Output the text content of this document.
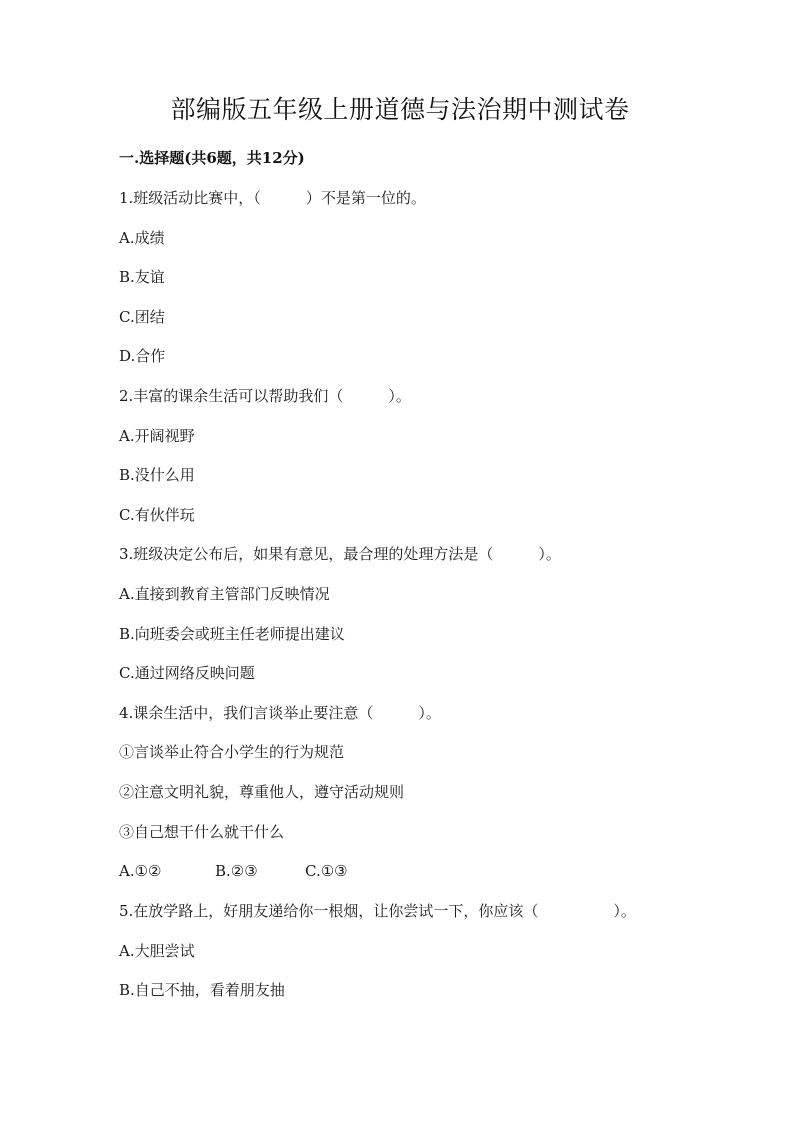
部编版五年级上册道德与法治期中测试卷
一.选择题(共6题，共12分)
1.班级活动比赛中，（　　　）不是第一位的。
A.成绩
B.友谊
C.团结
D.合作
2.丰富的课余生活可以帮助我们（　　　）。
A.开阔视野
B.没什么用
C.有伙伴玩
3.班级决定公布后，如果有意见，最合理的处理方法是（　　　）。
A.直接到教育主管部门反映情况
B.向班委会或班主任老师提出建议
C.通过网络反映问题
4.课余生活中，我们言谈举止要注意（　　　）。
①言谈举止符合小学生的行为规范
②注意文明礼貌，尊重他人，遵守活动规则
③自己想干什么就干什么
A.①②	B.②③	C.①③
5.在放学路上，好朋友递给你一根烟，让你尝试一下，你应该（　　　　　）。
A.大胆尝试
B.自己不抽，看着朋友抽
